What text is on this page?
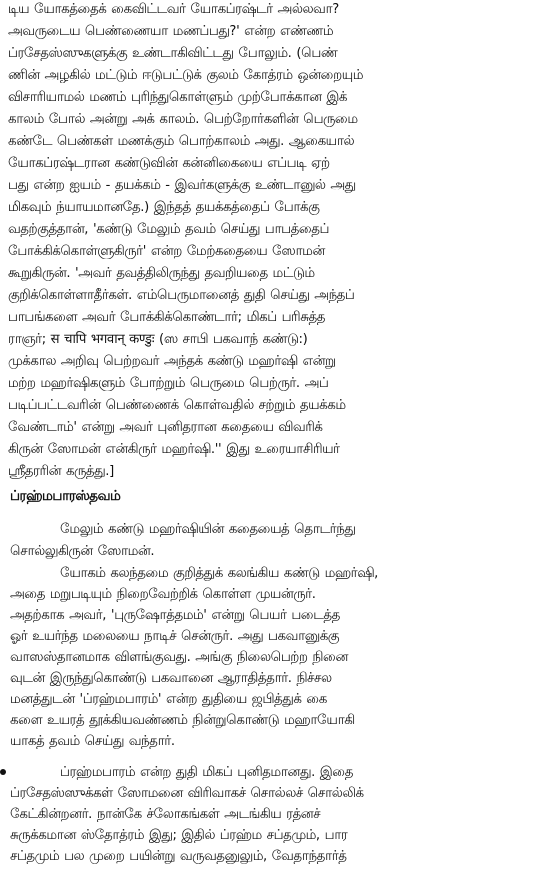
டிய யோகத்தைக் கைவிட்டவர் யோகப்ரஷ்டர் அல்லவா?
அவருடைய பெண்ணையா மணப்பது?' என்ற எண்ணம்
ப்ரசேதஸ்ஸுகளுக்கு உண்டாகிவிட்டது போலும். (பெண்
ணின் அழகில் மட்டும் ஈடுபட்டுக் குலம் கோத்ரம் ஒன்றையும்
விசாரியாமல் மணம் புரிந்துகொள்ளும் முற்போக்கான இக்
காலம் போல் அன்று அக் காலம். பெற்றோர்களின் பெருமை
கண்டே பெண்கள் மணக்கும் பொற்காலம் அது. ஆகையால்
யோகப்ரஷ்டரான கண்டுவின் கன்னிகையை எப்படி ஏற்
பது என்ற ஐயம் - தயக்கம் - இவர்களுக்கு உண்டானுல் அது
மிகவும் ந்யாயமானதே.) இந்தத் தயக்கத்தைப் போக்கு
வதற்குத்தான், 'கண்டு மேலும் தவம் செய்து பாபத்தைப்
போக்கிக்கொள்ளுகிருர்' என்ற மேற்கதையை ஸோமன்
கூறுகிருன். 'அவர் தவத்திலிருந்து தவறியதை மட்டும்
குறிக்கொள்ளாதீர்கள். எம்பெருமானைத் துதி செய்து அந்தப்
பாபங்களை அவர் போக்கிக்கொண்டார்; மிகப் பரிசுத்த
ராஞர்; स चापि भगवान् कण्डुः (ஸ சாபி பகவாந் கண்டு:)
முக்கால அறிவு பெற்றவர் அந்தக் கண்டு மஹர்ஷி என்று
மற்ற மஹர்ஷிகளும் போற்றும் பெருமை பெற்ருர். அப்
படிப்பட்டவரின் பெண்ணைக் கொள்வதில் சற்றும் தயக்கம்
வேண்டாம்' என்று அவர் புனிதரான கதையை விவரிக்
கிருன் ஸோமன் என்கிருர் மஹர்ஷி.'' இது உரையாசிரியர்
ஸ்ரீதரரின் கருத்து.]
ப்ரஹ்மபாரஸ்தவம்
மேலும் கண்டு மஹர்ஷியின் கதையைத் தொடர்ந்து
சொல்லுகிருன் ஸோமன்.
யோகம் கலந்தமை குறித்துக் கலங்கிய கண்டு மஹர்ஷி,
அதை மறுபடியும் நிறைவேற்றிக் கொள்ள முயன்ருர்.
அதற்காக அவர், 'புருஷோத்தமம்' என்று பெயர் படைத்த
ஓர் உயர்ந்த மலையை நாடிச் சென்ருர். அது பகவானுக்கு
வாஸஸ்தானமாக விளங்குவது. அங்கு நிலைபெற்ற நினை
வுடன் இருந்துகொண்டு பகவானை ஆராதித்தார். நிச்சல
மனத்துடன் 'ப்ரஹ்மபாரம்' என்ற துதியை ஜபித்துக் கை
களை உயரத் தூக்கியவண்ணம் நின்றுகொண்டு மஹாயோகி
யாகத் தவம் செய்து வந்தார்.
ப்ரஹ்மபாரம் என்ற துதி மிகப் புனிதமானது. இதை
ப்ரசேதஸ்ஸுக்கள் ஸோமனை விரிவாகச் சொல்லச் சொல்லிக்
கேட்கின்றனர். நான்கே ச்லோகங்கள் அடங்கிய ரத்னச்
சுருக்கமான ஸ்தோத்ரம் இது; இதில் ப்ரஹ்ம சப்தமும், பார
சப்தமும் பல முறை பயின்று வருவதனுலும், வேதாந்தார்த்
